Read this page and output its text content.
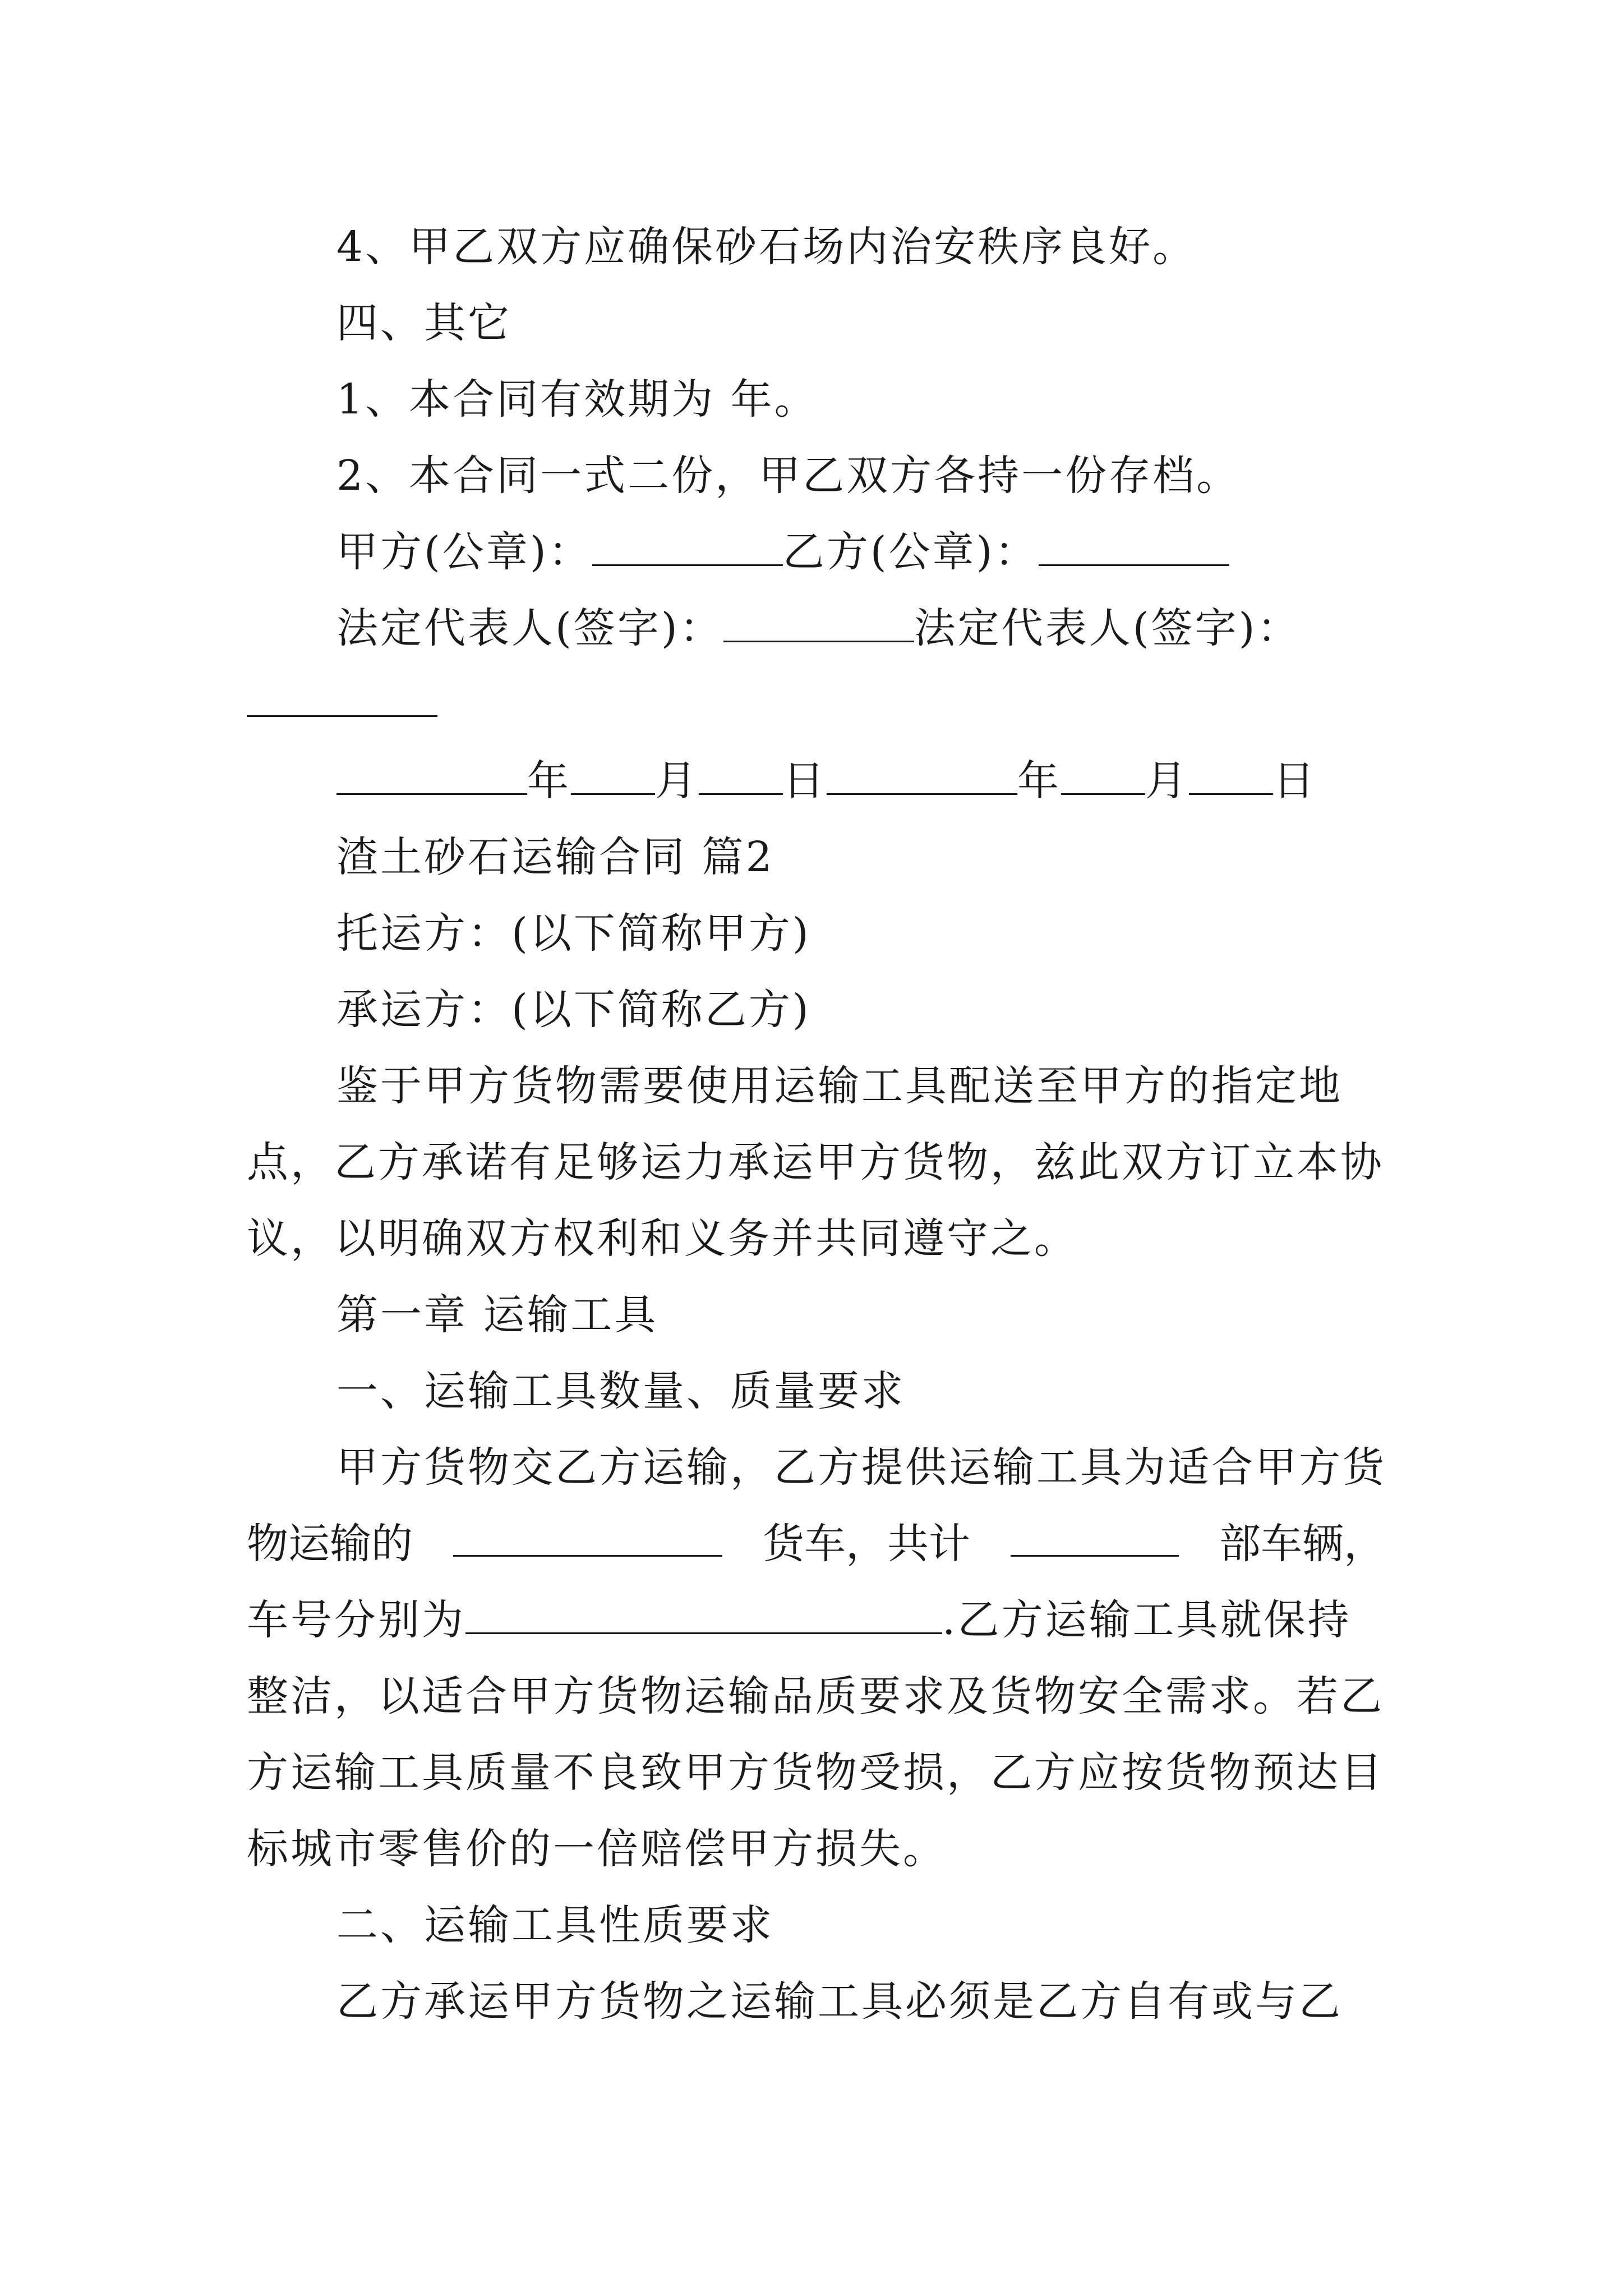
4、甲乙双方应确保砂石场内治安秩序良好。
四、其它
1、本合同有效期为 年。
2、本合同一式二份，甲乙双方各持一份存档。
甲方(公章)：	乙方(公章)：
法定代表人(签字)：	法定代表人(签字)：
年 月 日	年 月 日
渣土砂石运输合同 篇2
托运方：(以下简称甲方)
承运方：(以下简称乙方)
鉴于甲方货物需要使用运输工具配送至甲方的指定地
点，乙方承诺有足够运力承运甲方货物，兹此双方订立本协
议，以明确双方权利和义务并共同遵守之。
第一章 运输工具
一、运输工具数量、质量要求
甲方货物交乙方运输，乙方提供运输工具为适合甲方货
物运输的	货车，共计	部车辆，
车号分别为	.乙方运输工具就保持
整洁，以适合甲方货物运输品质要求及货物安全需求。若乙
方运输工具质量不良致甲方货物受损，乙方应按货物预达目
标城市零售价的一倍赔偿甲方损失。
二、运输工具性质要求
乙方承运甲方货物之运输工具必须是乙方自有或与乙
